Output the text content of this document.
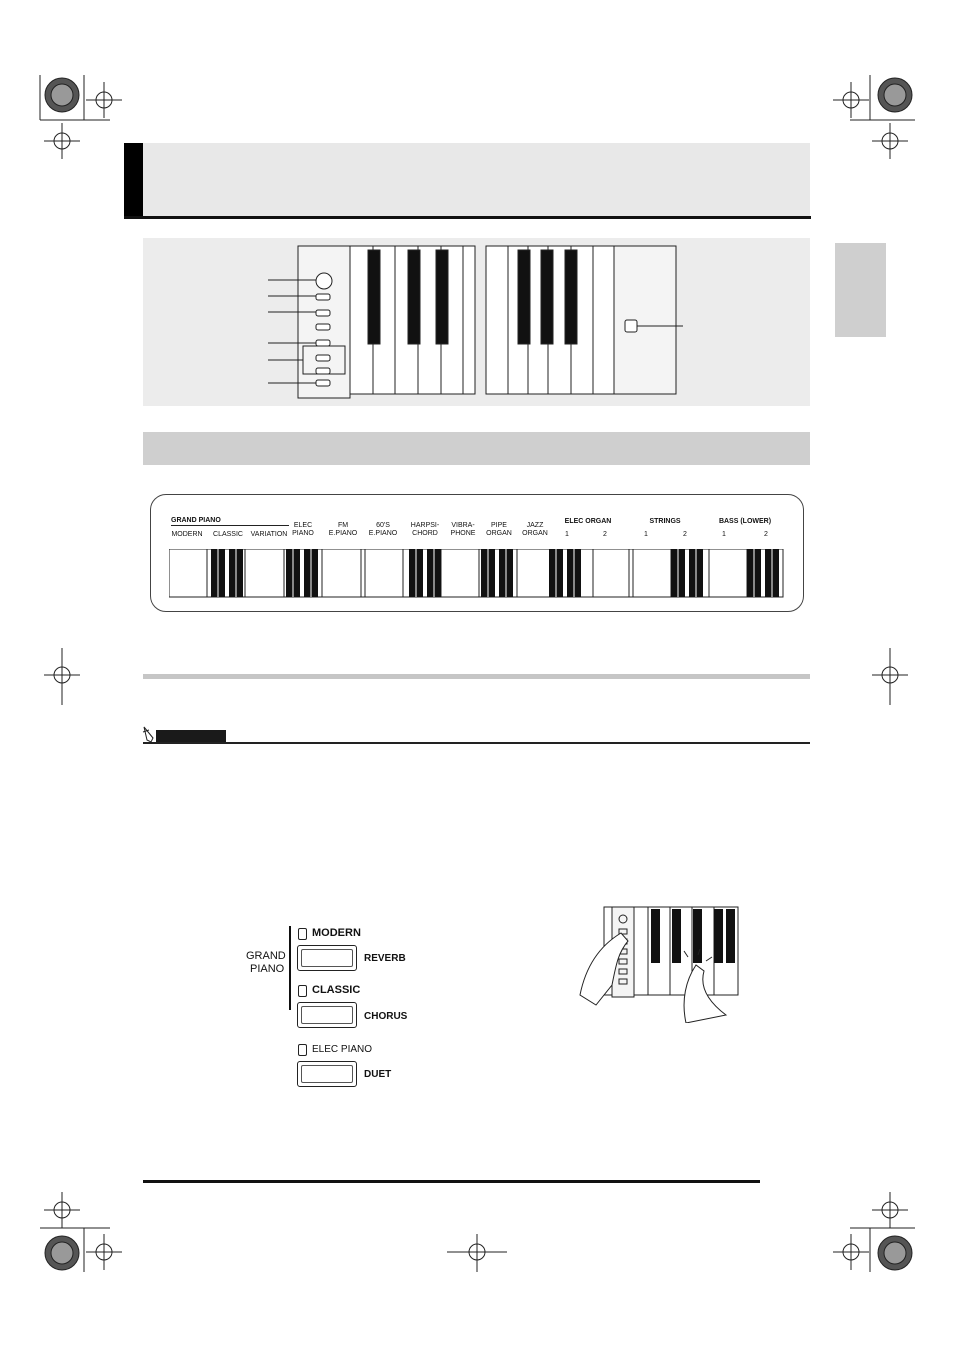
GRAND PIANO	ELEC ORGAN	STRINGS	BASS (LOWER)
MODERN	CLASSIC	VARIATION
ELEC
PIANO
FM
E.PIANO
60'S
E.PIANO
HARPSI-
CHORD
VIBRA-
PHONE
PIPE
ORGAN
JAZZ
ORGAN	1	2	1	2	1	2
GRAND
PIANO
MODERN
REVERB
CLASSIC
CHORUS
ELEC PIANO
DUET
